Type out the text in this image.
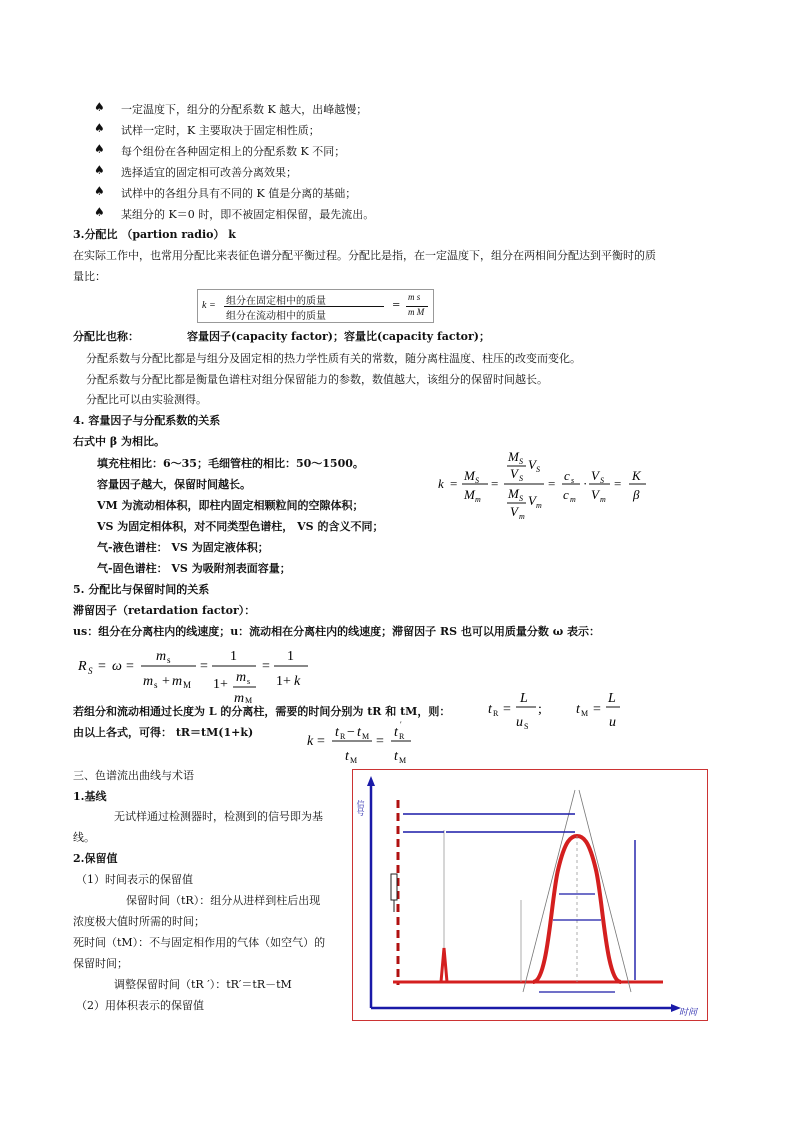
♠ 一定温度下，组分的分配系数 K 越大，出峰越慢；
♠ 试样一定时，K 主要取决于固定相性质；
♠ 每个组份在各种固定相上的分配系数 K 不同；
♠ 选择适宜的固定相可改善分离效果；
♠ 试样中的各组分具有不同的 K 值是分离的基础；
♠ 某组分的 K＝0 时，即不被固定相保留，最先流出。
3.分配比 （partion radio） k
在实际工作中，也常用分配比来表征色谱分配平衡过程。分配比是指，在一定温度下，组分在两相间分配达到平衡时的质
量比：
k = 组分在固定相中的质量
组分在流动相中的质量
=
m s
m M
分配比也称：	容量因子(capacity factor)；容量比(capacity factor)；
分配系数与分配比都是与组分及固定相的热力学性质有关的常数，随分离柱温度、柱压的改变而变化。
分配系数与分配比都是衡量色谱柱对组分保留能力的参数，数值越大，该组分的保留时间越长。
分配比可以由实验测得。
4. 容量因子与分配系数的关系
右式中 β 为相比。
填充柱相比：6～35；毛细管柱的相比：50～1500。
容量因子越大，保留时间越长。
VM 为流动相体积，即柱内固定相颗粒间的空隙体积；
VS 为固定相体积，对不同类型色谱柱， VS 的含义不同；
气-液色谱柱： VS 为固定液体积；
气-固色谱柱： VS 为吸附剂表面容量；
k =
M S
M m
=
M S
V S
V S
M S
V m
V m
=
c s
c m
·
V S
V m
=
K
β
5. 分配比与保留时间的关系
滞留因子（retardation factor）：
us：组分在分离柱内的线速度；u：流动相在分离柱内的线速度；滞留因子 RS 也可以用质量分数 ω 表示：
R S = ω =
m s
m s + m M
=
1
1+ m s
m M
=
1
1+ k
若组分和流动相通过长度为 L 的分离柱，需要的时间分别为 tR 和 tM，则：
由以上各式，可得： tR＝tM(1+k)
t R =
L
u S
; t M =
L
u
k =
t R − t M
t M
=
t R
′
t M
三、色谱流出曲线与术语
1.基线
无试样通过检测器时，检测到的信号即为基
线。
2.保留值
（1）时间表示的保留值
保留时间（tR）：组分从进样到柱后出现
浓度极大值时所需的时间；
死时间（tM）：不与固定相作用的气体（如空气）的
保留时间；
调整保留时间（tR ′）：tR′＝tR－tM
（2）用体积表示的保留值
时间
信号
